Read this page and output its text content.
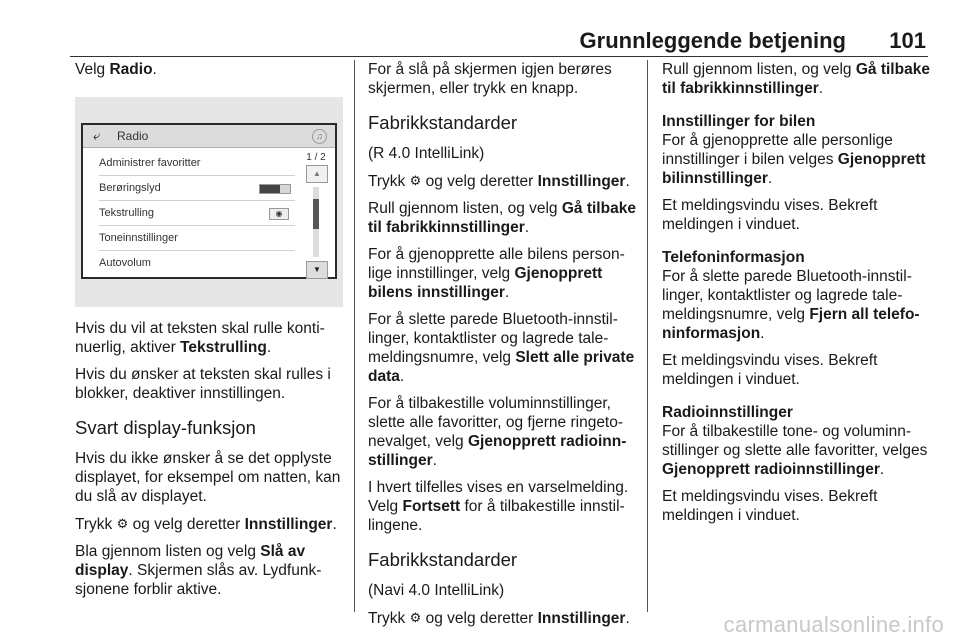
Grunnleggende betjening 101

Velg Radio.

⤶ Radio	♫
Administrer favoritter
Berøringslyd
Tekstrulling	◉
Toneinnstillinger
Autovolum
1 / 2
▲
▼

Hvis du vil at teksten skal rulle konti-nuerlig, aktiver Tekstrulling.

Hvis du ønsker at teksten skal rulles i blokker, deaktiver innstillingen.

Svart display-funksjon

Hvis du ikke ønsker å se det opplyste displayet, for eksempel om natten, kan du slå av displayet.

Trykk ⚙ og velg deretter Innstillinger.

Bla gjennom listen og velg Slå av display. Skjermen slås av. Lydfunk-sjonene forblir aktive.

For å slå på skjermen igjen berøres skjermen, eller trykk en knapp.

Fabrikkstandarder

(R 4.0 IntelliLink)

Trykk ⚙ og velg deretter Innstillinger.

Rull gjennom listen, og velg Gå tilbake til fabrikkinnstillinger.

For å gjenopprette alle bilens person-lige innstillinger, velg Gjenopprett bilens innstillinger.

For å slette parede Bluetooth-innstil-linger, kontaktlister og lagrede tale-meldingsnumre, velg Slett alle private data.

For å tilbakestille voluminnstillinger, slette alle favoritter, og fjerne ringeto-nevalget, velg Gjenopprett radioinn-stillinger.

I hvert tilfelles vises en varselmelding. Velg Fortsett for å tilbakestille innstil-lingene.

Fabrikkstandarder

(Navi 4.0 IntelliLink)

Trykk ⚙ og velg deretter Innstillinger.

Rull gjennom listen, og velg Gå tilbake til fabrikkinnstillinger.

Innstillinger for bilen

For å gjenopprette alle personlige innstillinger i bilen velges Gjenopprett bilinnstillinger.

Et meldingsvindu vises. Bekreft meldingen i vinduet.

Telefoninformasjon

For å slette parede Bluetooth-innstil-linger, kontaktlister og lagrede tale-meldingsnumre, velg Fjern all telefo-ninformasjon.

Et meldingsvindu vises. Bekreft meldingen i vinduet.

Radioinnstillinger

For å tilbakestille tone- og voluminn-stillinger og slette alle favoritter, velges Gjenopprett radioinnstillinger.

Et meldingsvindu vises. Bekreft meldingen i vinduet.

carmanualsonline.info
